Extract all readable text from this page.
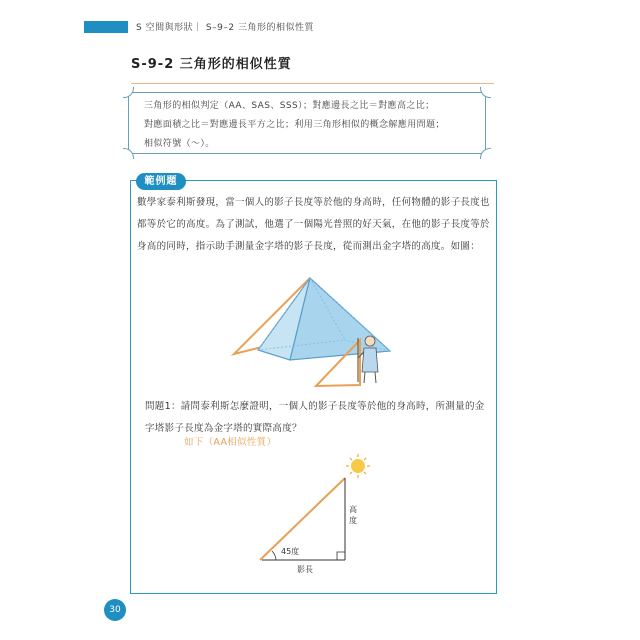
S 空間與形狀｜ S–9–2 三角形的相似性質
S-9-2 三角形的相似性質
三角形的相似判定（AA、SAS、SSS）；對應邊長之比＝對應高之比；
對應面積之比＝對應邊長平方之比；利用三角形相似的概念解應用問題；
相似符號（～）。
範例題
數學家泰利斯發現，當一個人的影子長度等於他的身高時，任何物體的影子長度也都等於它的高度。為了測試，他選了一個陽光普照的好天氣，在他的影子長度等於身高的同時，指示助手測量金字塔的影子長度，從而測出金字塔的高度。如圖：
問題1：請問泰利斯怎麼證明，一個人的影子長度等於他的身高時，所測量的金字塔影子長度為金字塔的實際高度？
如下（AA相似性質）
高 度
45度
影長
30
